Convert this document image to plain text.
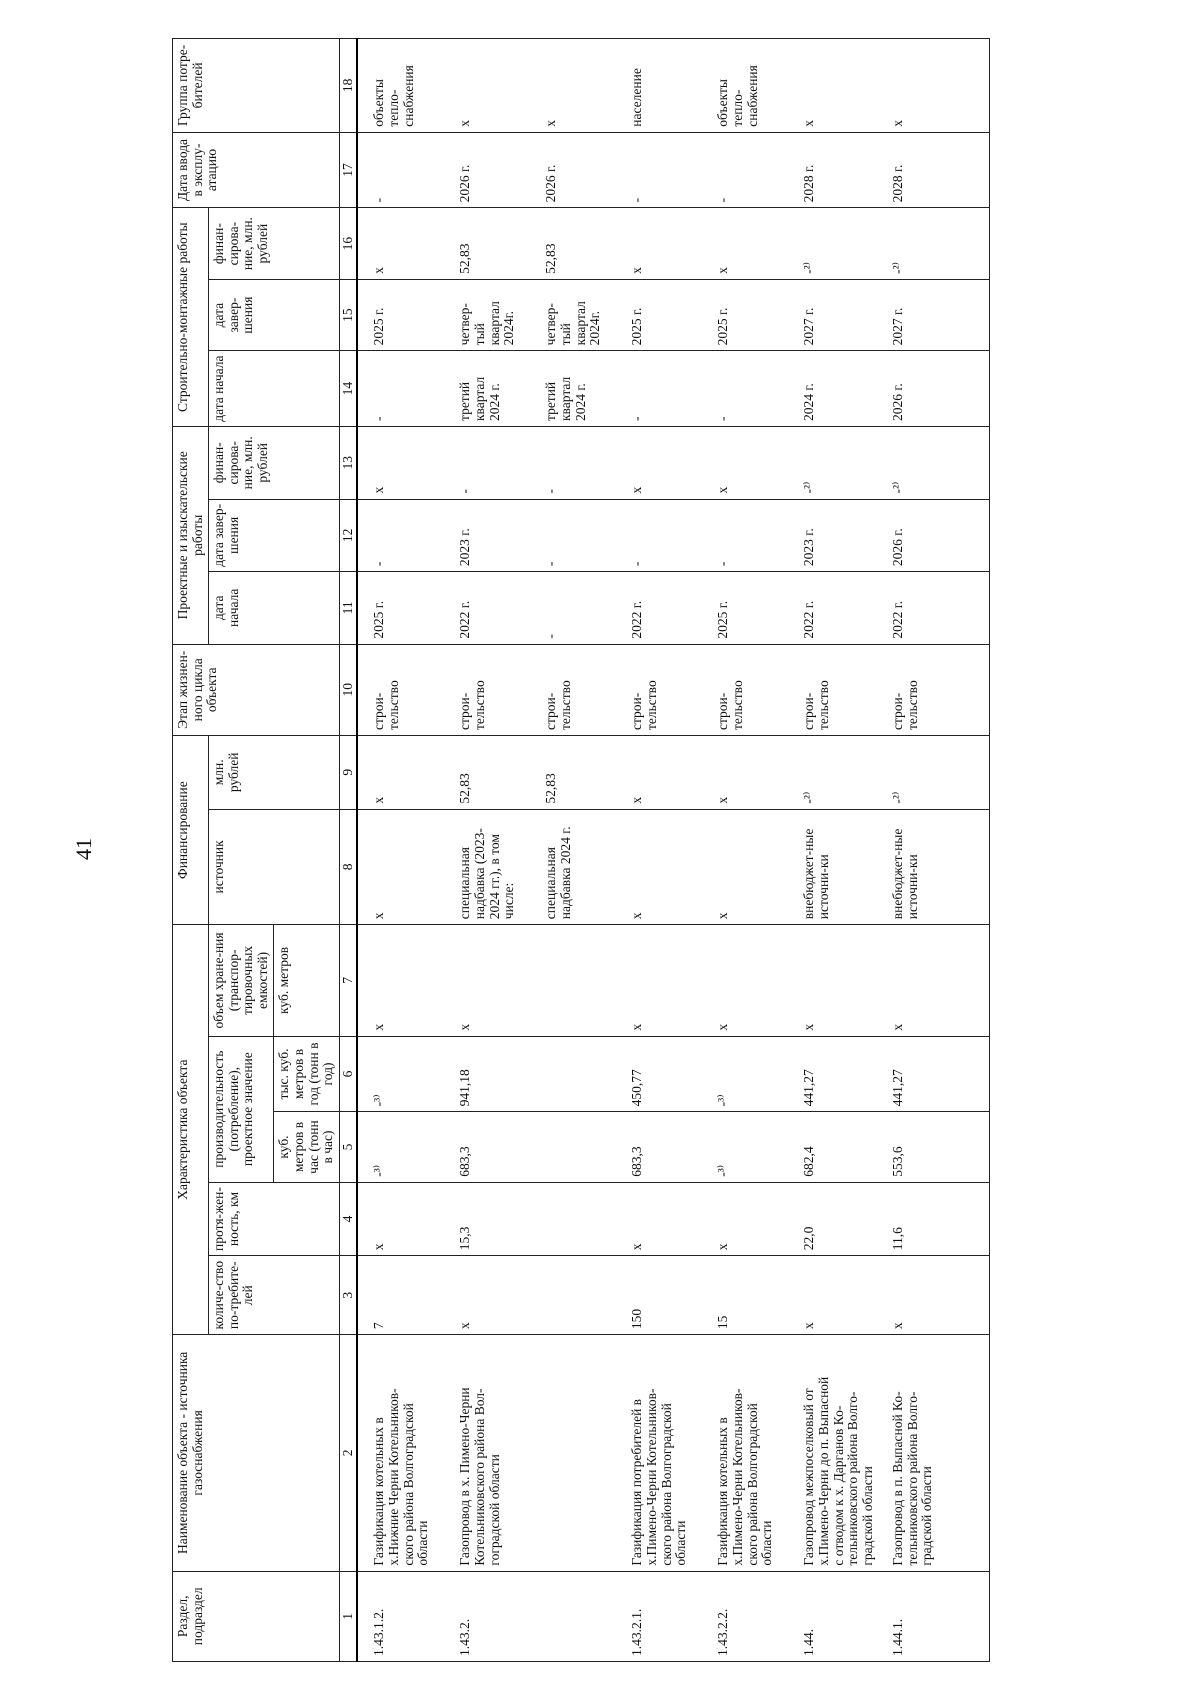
41
Раздел, подраздел	Наименование объекта - источника газоснабжения	Характеристика объекта					Финансирование		Этап жизнен-ного цикла объекта	Проектные и изыскательские работы			Строительно-монтажные работы			Дата ввода в эксплу-атацию	Группа потре-бителей
		количе-ство по-требите-лей	протя-жен-ность, км	производительность (потребление), проектное значение		объем хране-ния (транспор-тировочных емкостей)	источник	млн. рублей		дата начала	дата завер-шения	финан-сирова-ние, млн. рублей	дата начала	дата завер-шения	финан-сирова-ние, млн. рублей		
				куб. метров в час (тонн в час)	тыс. куб. метров в год (тонн в год)	куб. метров											
1	2	3	4	5	6	7	8	9	10	11	12	13	14	15	16	17	18
1.43.1.2.	Газификация котельных в
х.Нижние Черни Котельников-
ского района Волгоградской
области	7	х	-³⁾	-³⁾	х	х	х	строи-тельство	2025 г.	-	х	-	2025 г.	х	-	объекты тепло-снабжения
1.43.2.	Газопровод в х. Пимено-Черни
Котельниковского района Вол-
гоградской области	х	15,3	683,3	941,18	х	специальная надбавка (2023-2024 гг.), в том числе:	52,83	строи-тельство	2022 г.	2023 г.	-	третий квартал 2024 г.	четвер-тый квартал 2024г.	52,83	2026 г.	х
							специальная надбавка 2024 г.	52,83	строи-тельство	-	-	-	третий квартал 2024 г.	четвер-тый квартал 2024г.	52,83	2026 г.	х
1.43.2.1.	Газификация потребителей в
х.Пимено-Черни Котельников-
ского района Волгоградской
области	150	х	683,3	450,77	х	х	х	строи-тельство	2022 г.	-	х	-	2025 г.	х	-	население
1.43.2.2.	Газификация котельных в
х.Пимено-Черни Котельников-
ского района Волгоградской
области	15	х	-³⁾	-³⁾	х	х	х	строи-тельство	2025 г.	-	х	-	2025 г.	х	-	объекты тепло-снабжения
1.44.	Газопровод межпоселковый от
х.Пимено-Черни до п. Выпасной
с отводом к х. Дарганов Ко-
тельниковского района Волго-
градской области	х	22,0	682,4	441,27	х	внебюджет-ные источни-ки	-²⁾	строи-тельство	2022 г.	2023 г.	-²⁾	2024 г.	2027 г.	-²⁾	2028 г.	х
1.44.1.	Газопровод в п. Выпасной Ко-
тельниковского района Волго-
градской области	х	11,6	553,6	441,27	х	внебюджет-ные источни-ки	-²⁾	строи-тельство	2022 г.	2026 г.	-²⁾	2026 г.	2027 г.	-²⁾	2028 г.	х
